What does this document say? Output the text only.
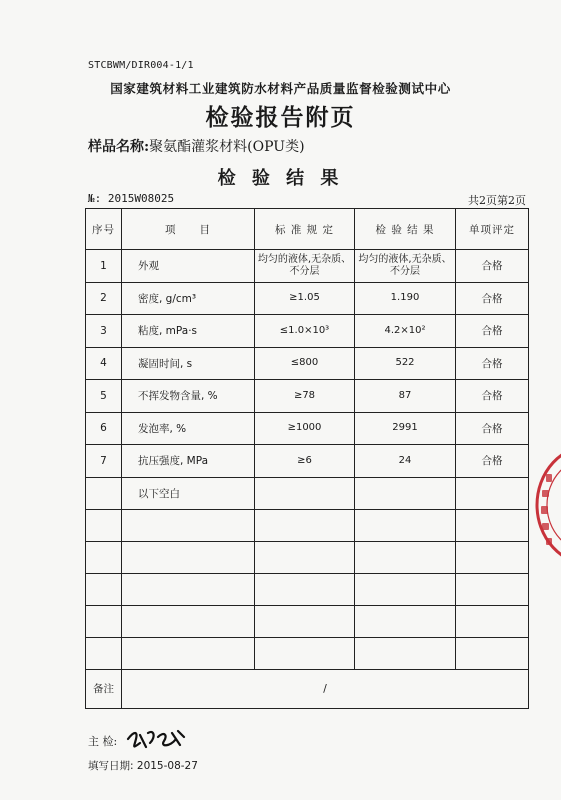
STCBWM/DIR004-1/1
国家建筑材料工业建筑防水材料产品质量监督检验测试中心
检验报告附页
样品名称:聚氨酯灌浆材料(OPU类)
检 验 结 果
№: 2015W08025	共2页第2页
序号	项　　目	标 准 规 定	检 验 结 果	单项评定
1	外观	均匀的液体,无杂质、不分层	均匀的液体,无杂质、不分层	合格
2	密度, g/cm³	≥1.05	1.190	合格
3	粘度, mPa·s	≤1.0×10³	4.2×10²	合格
4	凝固时间, s	≤800	522	合格
5	不挥发物含量, %	≥78	87	合格
6	发泡率, %	≥1000	2991	合格
7	抗压强度, MPa	≥6	24	合格
	以下空白			

备注	/			
主 检:
填写日期: 2015-08-27
